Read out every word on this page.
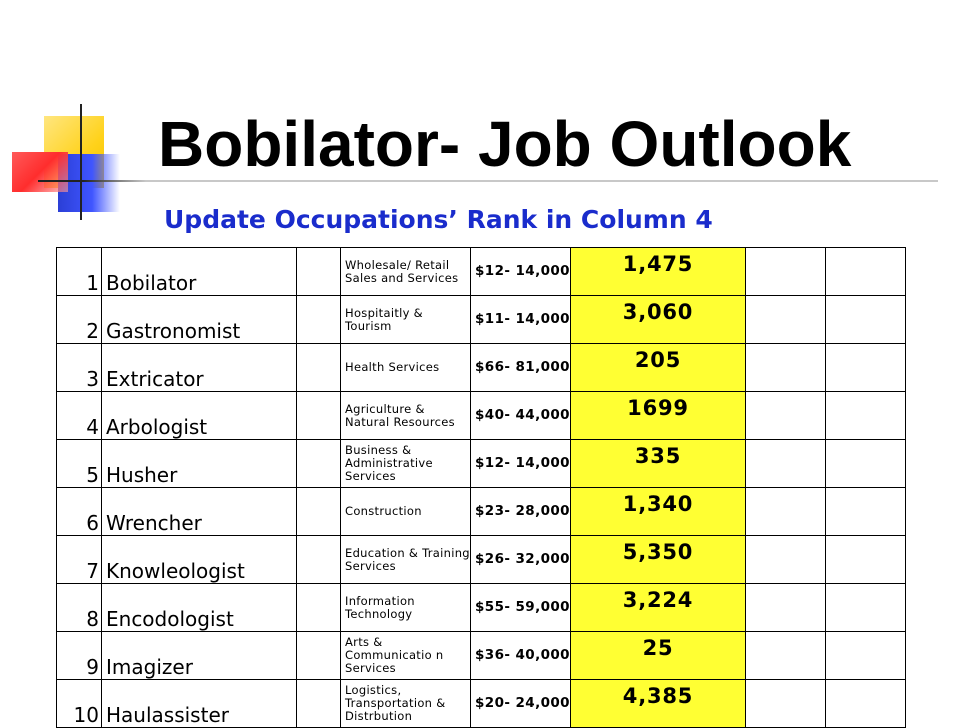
Bobilator- Job Outlook
Update Occupations’ Rank in Column 4
1	Bobilator		Wholesale/ Retail Sales and Services	$12- 14,000	1,475		
2	Gastronomist		Hospitaitly & Tourism	$11- 14,000	3,060		
3	Extricator		Health Services	$66- 81,000	205		
4	Arbologist		Agriculture & Natural Resources	$40- 44,000	1699		
5	Husher		Business & Administrative Services	$12- 14,000	335		
6	Wrencher		Construction	$23- 28,000	1,340		
7	Knowleologist		Education & Training Services	$26- 32,000	5,350		
8	Encodologist		Information Technology	$55- 59,000	3,224		
9	Imagizer		Arts & Communicatio n Services	$36- 40,000	25		
10	Haulassister		Logistics, Transportation & Distrbution	$20- 24,000	4,385		
